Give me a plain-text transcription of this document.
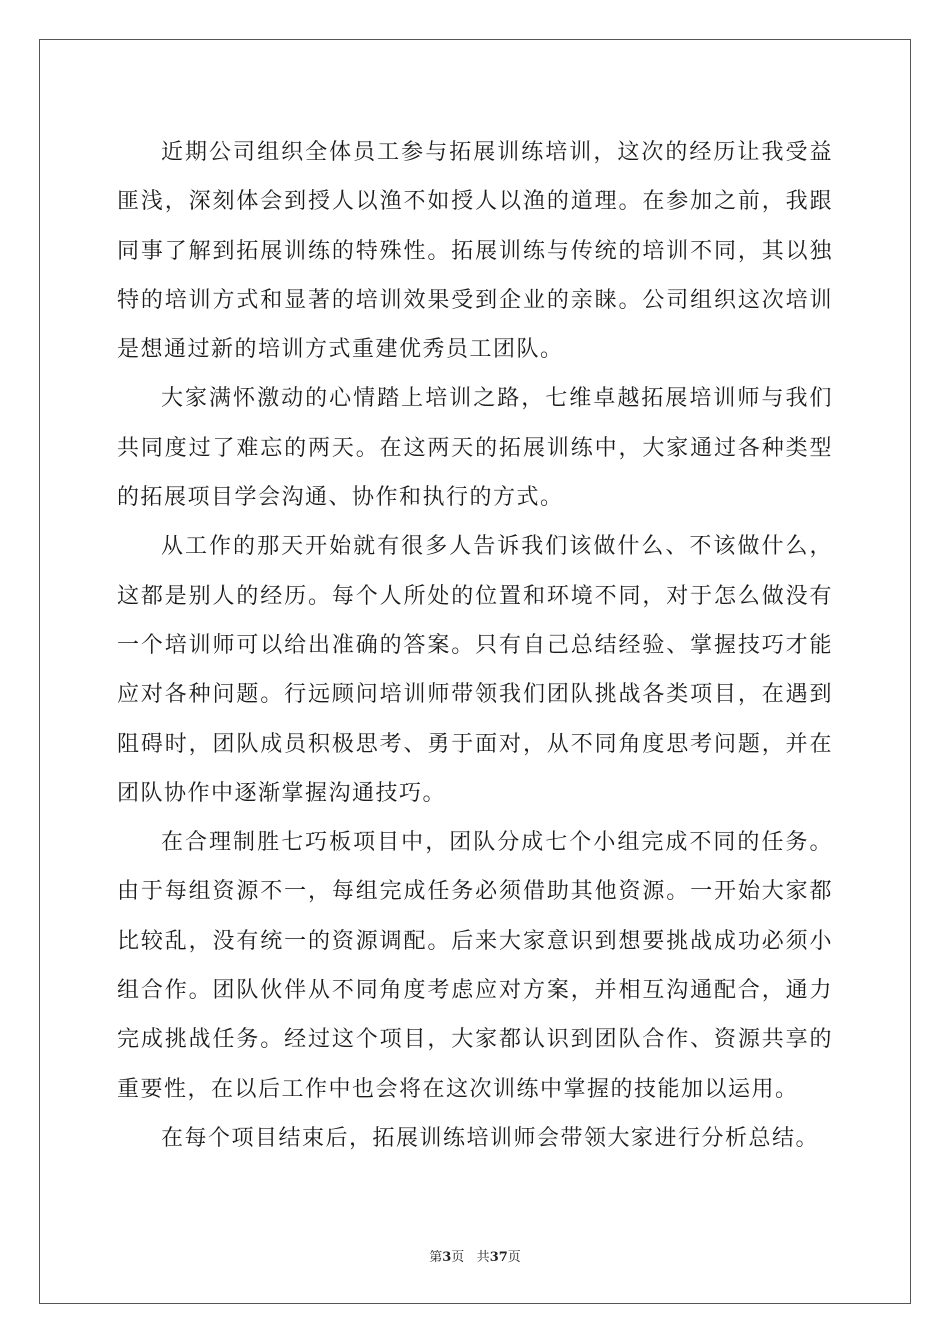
近期公司组织全体员工参与拓展训练培训，这次的经历让我受益匪浅，深刻体会到授人以渔不如授人以渔的道理。在参加之前，我跟同事了解到拓展训练的特殊性。拓展训练与传统的培训不同，其以独特的培训方式和显著的培训效果受到企业的亲睐。公司组织这次培训是想通过新的培训方式重建优秀员工团队。

大家满怀激动的心情踏上培训之路，七维卓越拓展培训师与我们共同度过了难忘的两天。在这两天的拓展训练中，大家通过各种类型的拓展项目学会沟通、协作和执行的方式。

从工作的那天开始就有很多人告诉我们该做什么、不该做什么，这都是别人的经历。每个人所处的位置和环境不同，对于怎么做没有一个培训师可以给出准确的答案。只有自己总结经验、掌握技巧才能应对各种问题。行远顾问培训师带领我们团队挑战各类项目，在遇到阻碍时，团队成员积极思考、勇于面对，从不同角度思考问题，并在团队协作中逐渐掌握沟通技巧。

在合理制胜七巧板项目中，团队分成七个小组完成不同的任务。由于每组资源不一，每组完成任务必须借助其他资源。一开始大家都比较乱，没有统一的资源调配。后来大家意识到想要挑战成功必须小组合作。团队伙伴从不同角度考虑应对方案，并相互沟通配合，通力完成挑战任务。经过这个项目，大家都认识到团队合作、资源共享的重要性，在以后工作中也会将在这次训练中掌握的技能加以运用。

在每个项目结束后，拓展训练培训师会带领大家进行分析总结。

第3页 共37页
